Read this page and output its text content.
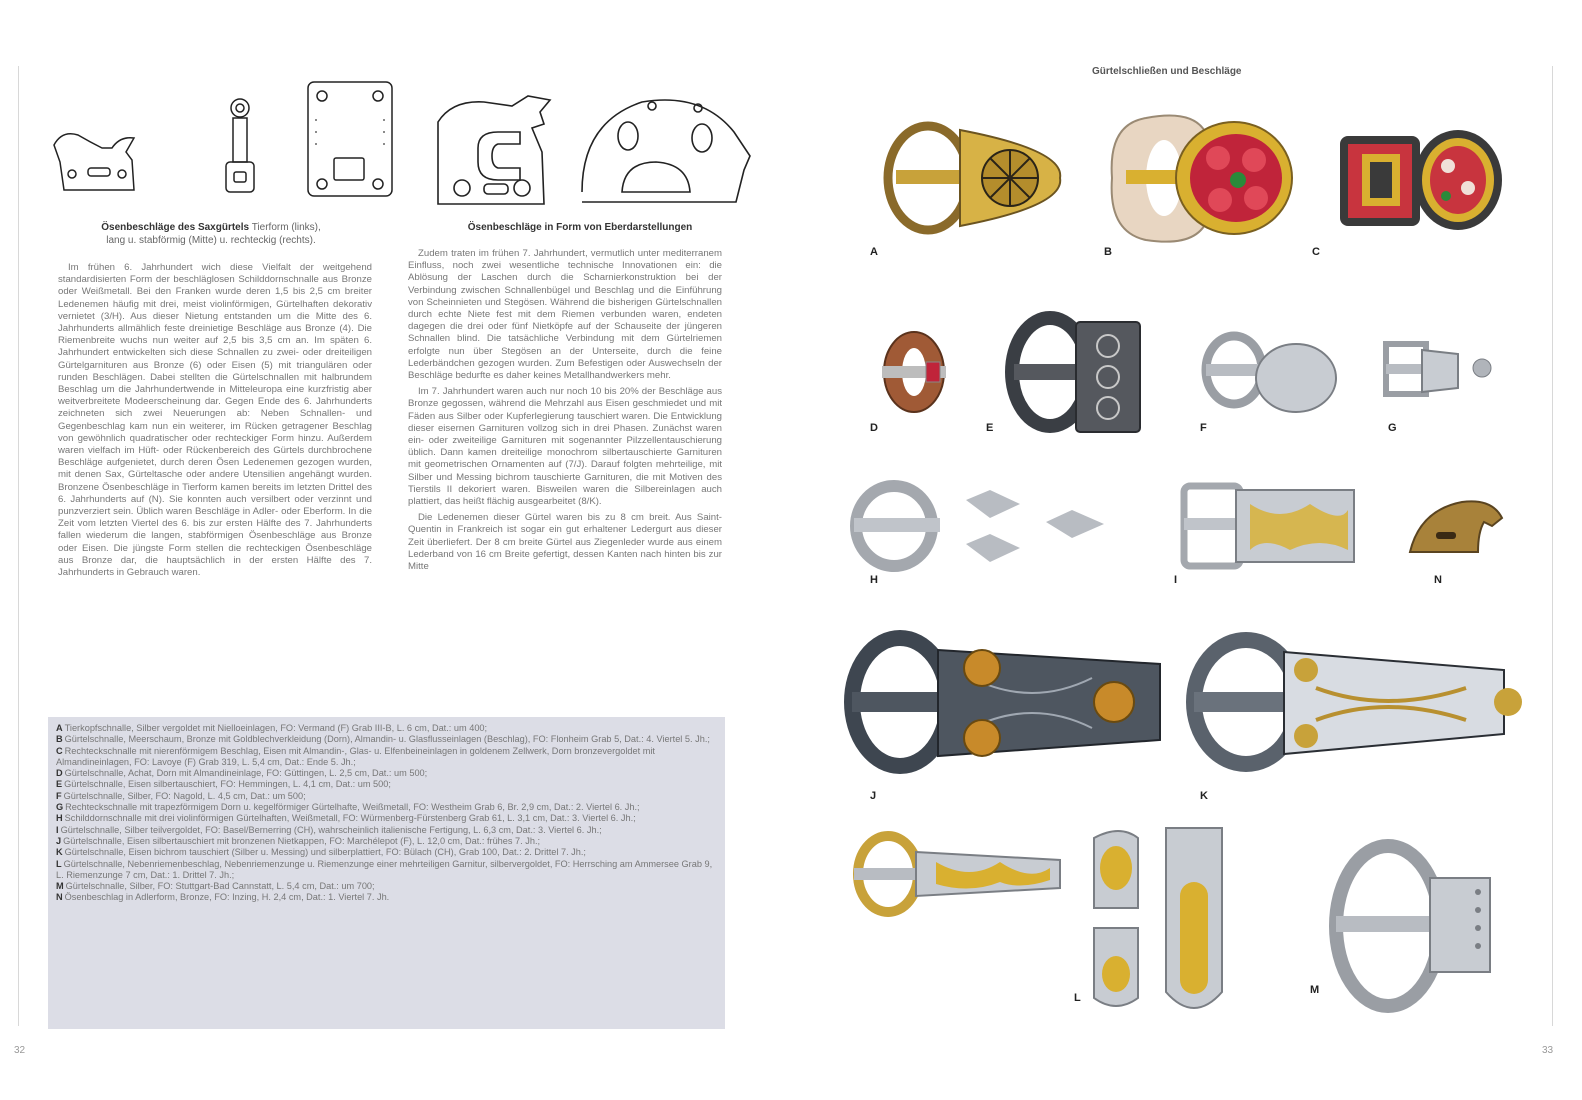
Ösenbeschläge des Saxgürtels Tierform (links),
lang u. stabförmig (Mitte) u. rechteckig (rechts).
Ösenbeschläge in Form von Eberdarstellungen

Im frühen 6. Jahrhundert wich diese Vielfalt der weitgehend standardisierten Form der beschläglosen Schilddornschnalle aus Bronze oder Weißmetall. Bei den Franken wurde deren 1,5 bis 2,5 cm breiter Ledenemen häufig mit drei, meist violinförmigen, Gürtelhaften dekorativ vernietet (3/H). Aus dieser Nietung entstanden um die Mitte des 6. Jahrhunderts allmählich feste dreinietige Beschläge aus Bronze (4). Die Riemenbreite wuchs nun weiter auf 2,5 bis 3,5 cm an. Im späten 6. Jahrhundert entwickelten sich diese Schnallen zu zwei- oder dreiteiligen Gürtelgarnituren aus Bronze (6) oder Eisen (5) mit triangulären oder runden Beschlägen. Dabei stellten die Gürtelschnallen mit halbrundem Beschlag um die Jahrhundertwende in Mitteleuropa eine kurzfristig aber weitverbreitete Modeerscheinung dar. Gegen Ende des 6. Jahrhunderts zeichneten sich zwei Neuerungen ab: Neben Schnallen- und Gegenbeschlag kam nun ein weiterer, im Rücken getragener Beschlag von gewöhnlich quadratischer oder rechteckiger Form hinzu. Außerdem waren vielfach im Hüft- oder Rückenbereich des Gürtels durchbrochene Beschläge aufgenietet, durch deren Ösen Ledenemen gezogen wurden, mit denen Sax, Gürteltasche oder andere Utensilien angehängt wurden. Bronzene Ösenbeschläge in Tierform kamen bereits im letzten Drittel des 6. Jahrhunderts auf (N). Sie konnten auch versilbert oder verzinnt und punzverziert sein. Üblich waren Beschläge in Adler- oder Eberform. In die Zeit vom letzten Viertel des 6. bis zur ersten Hälfte des 7. Jahrhunderts fallen wiederum die langen, stabförmigen Ösenbeschläge aus Bronze oder Eisen. Die jüngste Form stellen die rechteckigen Ösenbeschläge aus Bronze dar, die hauptsächlich in der ersten Hälfte des 7. Jahrhunderts in Gebrauch waren.

Zudem traten im frühen 7. Jahrhundert, vermutlich unter mediterranem Einfluss, noch zwei wesentliche technische Innovationen ein: die Ablösung der Laschen durch die Scharnierkonstruktion bei der Verbindung zwischen Schnallenbügel und Beschlag und die Einführung von Scheinnieten und Stegösen. Während die bisherigen Gürtelschnallen durch echte Niete fest mit dem Riemen verbunden waren, endeten dagegen die drei oder fünf Nietköpfe auf der Schauseite der jüngeren Schnallen blind. Die tatsächliche Verbindung mit dem Gürtelriemen erfolgte nun über Stegösen an der Unterseite, durch die feine Lederbändchen gezogen wurden. Zum Befestigen oder Auswechseln der Beschläge bedurfte es daher keines Metallhandwerkers mehr.

Im 7. Jahrhundert waren auch nur noch 10 bis 20% der Beschläge aus Bronze gegossen, während die Mehrzahl aus Eisen geschmiedet und mit Fäden aus Silber oder Kupferlegierung tauschiert waren. Die Entwicklung dieser eisernen Garnituren vollzog sich in drei Phasen. Zunächst waren ein- oder zweiteilige Garnituren mit sogenannter Pilzzellentauschierung üblich. Dann kamen dreiteilige monochrom silbertauschierte Garnituren mit geometrischen Ornamenten auf (7/J). Darauf folgten mehrteilige, mit Silber und Messing bichrom tauschierte Garnituren, die mit Motiven des Tierstils II dekoriert waren. Bisweilen waren die Silbereinlagen auch plattiert, das heißt flächig ausgearbeitet (8/K).

Die Ledenemen dieser Gürtel waren bis zu 8 cm breit. Aus Saint-Quentin in Frankreich ist sogar ein gut erhaltener Ledergurt aus dieser Zeit überliefert. Der 8 cm breite Gürtel aus Ziegenleder wurde aus einem Lederband von 16 cm Breite gefertigt, dessen Kanten nach hinten bis zur Mitte

A Tierkopfschnalle, Silber vergoldet mit Nielloeinlagen, FO: Vermand (F) Grab III-B, L. 6 cm, Dat.: um 400;
B Gürtelschnalle, Meerschaum, Bronze mit Goldblechverkleidung (Dorn), Almandin- u. Glasflusseinlagen (Beschlag), FO: Flonheim Grab 5, Dat.: 4. Viertel 5. Jh.;
C Rechteckschnalle mit nierenförmigem Beschlag, Eisen mit Almandin-, Glas- u. Elfenbeineinlagen in goldenem Zellwerk, Dorn bronzevergoldet mit Almandineinlagen, FO: Lavoye (F) Grab 319, L. 5,4 cm, Dat.: Ende 5. Jh.;
D Gürtelschnalle, Achat, Dorn mit Almandineinlage, FO: Güttingen, L. 2,5 cm, Dat.: um 500;
E Gürtelschnalle, Eisen silbertauschiert, FO: Hemmingen, L. 4,1 cm, Dat.: um 500;
F Gürtelschnalle, Silber, FO: Nagold, L. 4,5 cm, Dat.: um 500;
G Rechteckschnalle mit trapezförmigem Dorn u. kegelförmiger Gürtelhafte, Weißmetall, FO: Westheim Grab 6, Br. 2,9 cm, Dat.: 2. Viertel 6. Jh.;
H Schilddornschnalle mit drei violinförmigen Gürtelhaften, Weißmetall, FO: Würmenberg-Fürstenberg Grab 61, L. 3,1 cm, Dat.: 3. Viertel 6. Jh.;
I Gürtelschnalle, Silber teilvergoldet, FO: Basel/Bernerring (CH), wahrscheinlich italienische Fertigung, L. 6,3 cm, Dat.: 3. Viertel 6. Jh.;
J Gürtelschnalle, Eisen silbertauschiert mit bronzenen Nietkappen, FO: Marchélepot (F), L. 12,0 cm, Dat.: frühes 7. Jh.;
K Gürtelschnalle, Eisen bichrom tauschiert (Silber u. Messing) und silberplattiert, FO: Bülach (CH), Grab 100, Dat.: 2. Drittel 7. Jh.;
L Gürtelschnalle, Nebenriemenbeschlag, Nebenriemenzunge u. Riemenzunge einer mehrteiligen Garnitur, silbervergoldet, FO: Herrsching am Ammersee Grab 9, L. Riemenzunge 7 cm, Dat.: 1. Drittel 7. Jh.;
M Gürtelschnalle, Silber, FO: Stuttgart-Bad Cannstatt, L. 5,4 cm, Dat.: um 700;
N Ösenbeschlag in Adlerform, Bronze, FO: Inzing, H. 2,4 cm, Dat.: 1. Viertel 7. Jh.
32
Gürtelschließen und Beschläge
A	B	C
D	E	F	G
H	I	N
J	K
L
M
33
